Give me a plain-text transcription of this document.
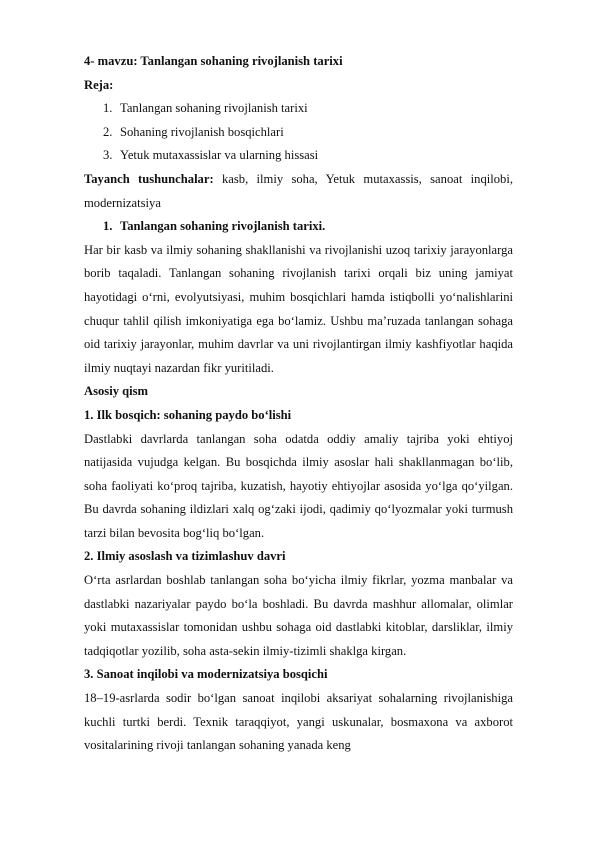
4- mavzu: Tanlangan sohaning rivojlanish tarixi
Reja:
1. Tanlangan sohaning rivojlanish tarixi
2. Sohaning rivojlanish bosqichlari
3. Yetuk mutaxassislar va ularning hissasi
Tayanch tushunchalar: kasb, ilmiy soha, Yetuk mutaxassis, sanoat inqilobi,
modernizatsiya
1. Tanlangan sohaning rivojlanish tarixi.
Har bir kasb va ilmiy sohaning shakllanishi va rivojlanishi uzoq tarixiy jarayonlarga
borib taqaladi. Tanlangan sohaning rivojlanish tarixi orqali biz uning jamiyat
hayotidagi o‘rni, evolyutsiyasi, muhim bosqichlari hamda istiqbolli yo‘nalishlarini
chuqur tahlil qilish imkoniyatiga ega bo‘lamiz. Ushbu ma’ruzada tanlangan sohaga
oid tarixiy jarayonlar, muhim davrlar va uni rivojlantirgan ilmiy kashfiyotlar haqida
ilmiy nuqtayi nazardan fikr yuritiladi.
Asosiy qism
1. Ilk bosqich: sohaning paydo bo‘lishi
Dastlabki davrlarda tanlangan soha odatda oddiy amaliy tajriba yoki ehtiyoj
natijasida vujudga kelgan. Bu bosqichda ilmiy asoslar hali shakllanmagan bo‘lib,
soha faoliyati ko‘proq tajriba, kuzatish, hayotiy ehtiyojlar asosida yo‘lga qo‘yilgan.
Bu davrda sohaning ildizlari xalq og‘zaki ijodi, qadimiy qo‘lyozmalar yoki turmush
tarzi bilan bevosita bog‘liq bo‘lgan.
2. Ilmiy asoslash va tizimlashuv davri
O‘rta asrlardan boshlab tanlangan soha bo‘yicha ilmiy fikrlar, yozma manbalar va
dastlabki nazariyalar paydo bo‘la boshladi. Bu davrda mashhur allomalar, olimlar
yoki mutaxassislar tomonidan ushbu sohaga oid dastlabki kitoblar, darsliklar, ilmiy
tadqiqotlar yozilib, soha asta-sekin ilmiy-tizimli shaklga kirgan.
3. Sanoat inqilobi va modernizatsiya bosqichi
18–19-asrlarda sodir bo‘lgan sanoat inqilobi aksariyat sohalarning rivojlanishiga
kuchli turtki berdi. Texnik taraqqiyot, yangi uskunalar, bosmaxona va axborot
vositalarining rivoji tanlangan sohaning yanada keng
